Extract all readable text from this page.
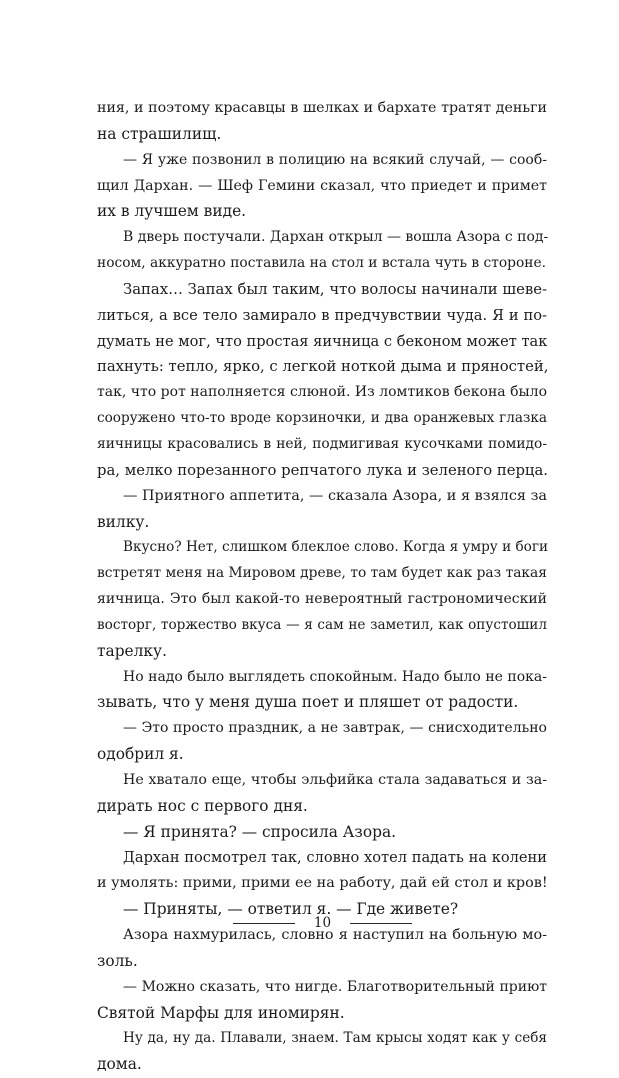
ния, и поэтому красавцы в шелках и бархате тратят деньги
на страшилищ.
— Я уже позвонил в полицию на всякий случай, — сооб-
щил Дархан. — Шеф Гемини сказал, что приедет и примет
их в лучшем виде.
В дверь постучали. Дархан открыл — вошла Азора с под-
носом, аккуратно поставила на стол и встала чуть в стороне.
Запах… Запах был таким, что волосы начинали шеве-
литься, а все тело замирало в предчувствии чуда. Я и по-
думать не мог, что простая яичница с беконом может так
пахнуть: тепло, ярко, с легкой ноткой дыма и пряностей,
так, что рот наполняется слюной. Из ломтиков бекона было
сооружено что-то вроде корзиночки, и два оранжевых глазка
яичницы красовались в ней, подмигивая кусочками помидо-
ра, мелко порезанного репчатого лука и зеленого перца.
— Приятного аппетита, — сказала Азора, и я взялся за
вилку.
Вкусно? Нет, слишком блеклое слово. Когда я умру и боги
встретят меня на Мировом древе, то там будет как раз такая
яичница. Это был какой-то невероятный гастрономический
восторг, торжество вкуса — я сам не заметил, как опустошил
тарелку.
Но надо было выглядеть спокойным. Надо было не пока-
зывать, что у меня душа поет и пляшет от радости.
— Это просто праздник, а не завтрак, — снисходительно
одобрил я.
Не хватало еще, чтобы эльфийка стала задаваться и за-
дирать нос с первого дня.
— Я принята? — спросила Азора.
Дархан посмотрел так, словно хотел падать на колени
и умолять: прими, прими ее на работу, дай ей стол и кров!
— Приняты, — ответил я. — Где живете?
Азора нахмурилась, словно я наступил на больную мо-
золь.
— Можно сказать, что нигде. Благотворительный приют
Святой Марфы для иномирян.
Ну да, ну да. Плавали, знаем. Там крысы ходят как у себя
дома.
10
